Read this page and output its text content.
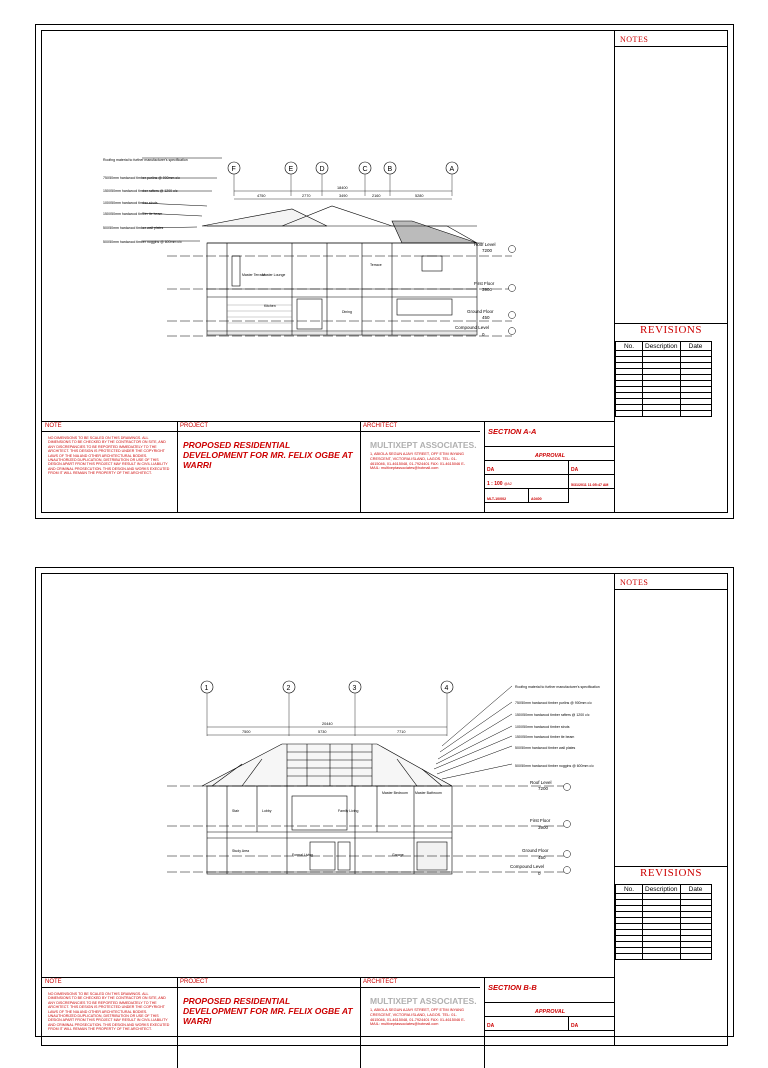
Roofing material to further manufacturer's specification
75X50mm hardwood timber purlins @ 900mm c/c
150X50mm hardwood timber rafters @ 1200 c/c
100X50mm hardwood timber struts
150X50mm hardwood timber tie beam
50X50mm hardwood timber wall plates
50X50mm hardwood timber noggins @ 600mm c/c
F	E	D	C	B	A
18400
4750	2770	3490	2160	5280
Master Terrace
Master Lounge
Terrace
Kitchen
Dining
Roof Level
7200
First Floor
3900
Ground Floor
450
Compound Level
0
NOTES
REVISIONS
No.	Description	Date

NOTE
NO DIMENSIONS TO BE SCALED ON THIS DRAWINGS. ALL DIMENSIONS TO BE CHECKED BY THE CONTRACTOR ON SITE, AND ANY DISCREPANCIES TO BE REPORTED IMMEDIATELY TO THE ARCHITECT. THIS DESIGN IS PROTECTED UNDER THE COPYRIGHT LAWS OF THE NIA AND OTHER ARCHITECTURAL BODIES. UNAUTHORIZED DUPLICATION, DISTRIBUTION OR USE OF THIS DESIGN APART FROM THIS PROJECT MAY RESULT IN CIVIL LIABILITY AND CRIMINAL PROSECUTION. THIS DESIGN AND WORKS EXECUTED FROM IT WILL REMAIN THE PROPERTY OF THE ARCHITECT.
PROJECT
PROPOSED RESIDENTIAL DEVELOPMENT FOR MR. FELIX OGBE AT WARRI
ARCHITECT
MULTIXEPT ASSOCIATES.
1, ABIOLA SEGUN AJAYI STREET, OFF ETIM INYANG CRESCENT, VICTORIA ISLAND, LAGOS. TEL: 01-4615046, 01-4615048, 01-7924401 FAX: 01-4615046 E-MAIL: multixeptassociates@hotmail.com
SECTION A-A
APPROVAL
DA	DA
1 : 100 @A2	5/31/2011 11:05:47 AM
MLT-10/002	A0400
1	2	3	4
20440
7500	5730	7710
Roofing material to further manufacturer's specification
75X50mm hardwood timber purlins @ 900mm c/c
150X50mm hardwood timber rafters @ 1200 c/c
100X50mm hardwood timber struts
150X50mm hardwood timber tie beam
50X50mm hardwood timber wall plates
50X50mm hardwood timber noggins @ 600mm c/c
Stair	Lobby	Family Living
Master Bedroom Master Bathroom
Study Area
Formal Living	Garage
Roof Level
7200
First Floor
3900
Ground Floor
450
Compound Level
0
NOTES
REVISIONS
No.	Description	Date

NOTE
NO DIMENSIONS TO BE SCALED ON THIS DRAWINGS. ALL DIMENSIONS TO BE CHECKED BY THE CONTRACTOR ON SITE, AND ANY DISCREPANCIES TO BE REPORTED IMMEDIATELY TO THE ARCHITECT. THIS DESIGN IS PROTECTED UNDER THE COPYRIGHT LAWS OF THE NIA AND OTHER ARCHITECTURAL BODIES. UNAUTHORIZED DUPLICATION, DISTRIBUTION OR USE OF THIS DESIGN APART FROM THIS PROJECT MAY RESULT IN CIVIL LIABILITY AND CRIMINAL PROSECUTION. THIS DESIGN AND WORKS EXECUTED FROM IT WILL REMAIN THE PROPERTY OF THE ARCHITECT.
PROJECT
PROPOSED RESIDENTIAL DEVELOPMENT FOR MR. FELIX OGBE AT WARRI
ARCHITECT
MULTIXEPT ASSOCIATES.
1, ABIOLA SEGUN AJAYI STREET, OFF ETIM INYANG CRESCENT, VICTORIA ISLAND, LAGOS. TEL: 01-4615046, 01-4615048, 01-7924401 FAX: 01-4615046 E-MAIL: multixeptassociates@hotmail.com
SECTION B-B
APPROVAL
DA	DA
